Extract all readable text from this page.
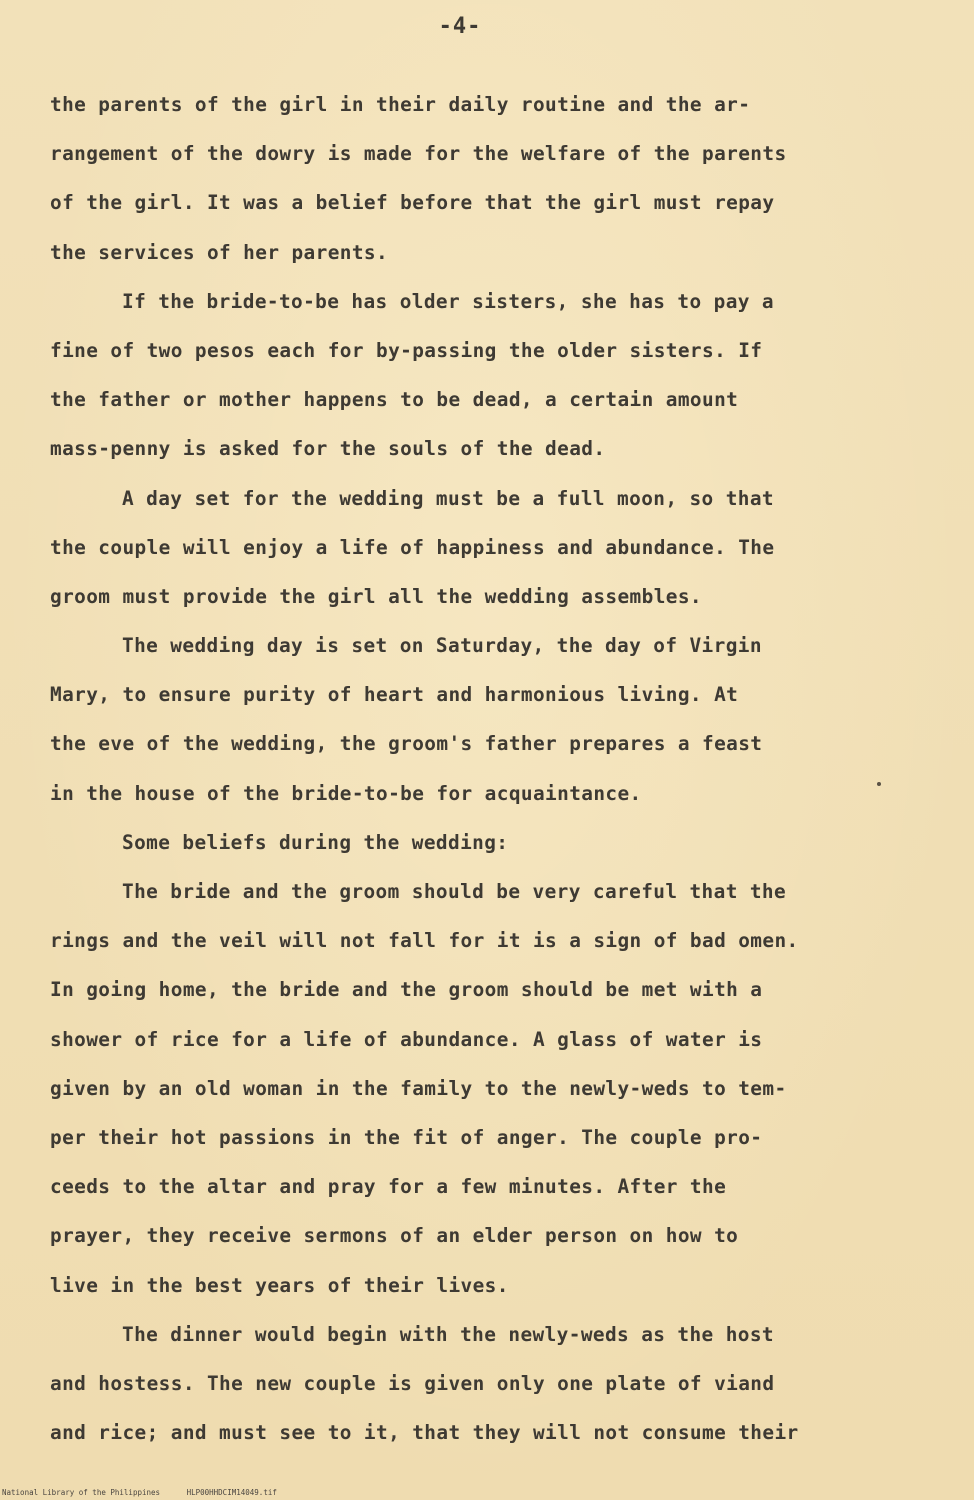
-4-
the parents of the girl in their daily routine and the ar-
rangement of the dowry is made for the welfare of the parents
of the girl. It was a belief before that the girl must repay
the services of her parents.
If the bride-to-be has older sisters, she has to pay a
fine of two pesos each for by-passing the older sisters. If
the father or mother happens to be dead, a certain amount
mass-penny is asked for the souls of the dead.
A day set for the wedding must be a full moon, so that
the couple will enjoy a life of happiness and abundance. The
groom must provide the girl all the wedding assembles.
The wedding day is set on Saturday, the day of Virgin
Mary, to ensure purity of heart and harmonious living. At
the eve of the wedding, the groom's father prepares a feast
in the house of the bride-to-be for acquaintance.
Some beliefs during the wedding:
The bride and the groom should be very careful that the
rings and the veil will not fall for it is a sign of bad omen.
In going home, the bride and the groom should be met with a
shower of rice for a life of abundance. A glass of water is
given by an old woman in the family to the newly-weds to tem-
per their hot passions in the fit of anger. The couple pro-
ceeds to the altar and pray for a few minutes. After the
prayer, they receive sermons of an elder person on how to
live in the best years of their lives.
The dinner would begin with the newly-weds as the host
and hostess. The new couple is given only one plate of viand
and rice; and must see to it, that they will not consume their
National Library of the Philippines	HLP00HHDCIM14049.tif
